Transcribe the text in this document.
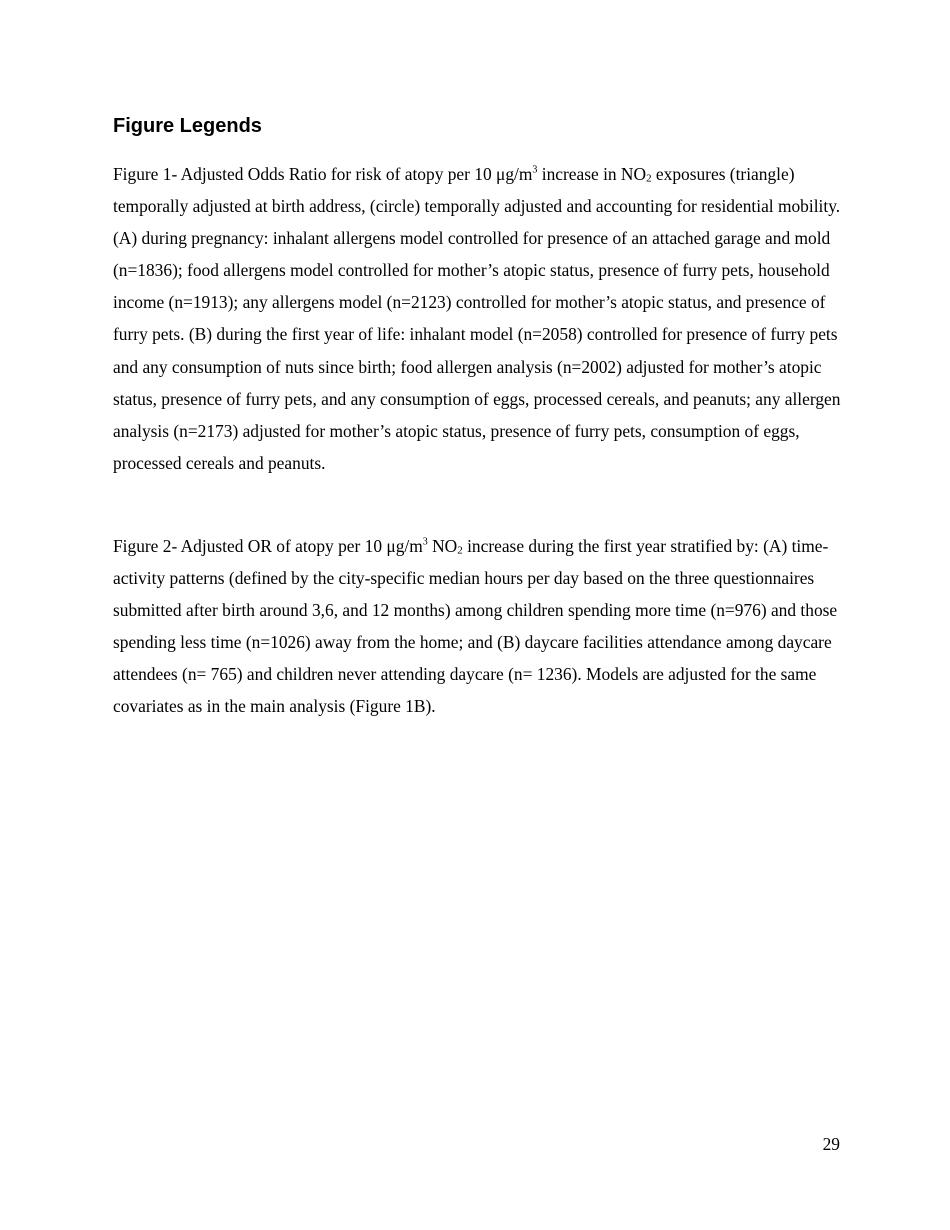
Figure Legends

Figure 1- Adjusted Odds Ratio for risk of atopy per 10 $\mu g/m^3$ increase in $NO_2$ exposures (triangle) temporally adjusted at birth address, (circle) temporally adjusted and accounting for residential mobility. (A) during pregnancy: inhalant allergens model controlled for presence of an attached garage and mold (n=1836); food allergens model controlled for mother’s atopic status, presence of furry pets, household income (n=1913); any allergens model (n=2123) controlled for mother’s atopic status, and presence of furry pets. (B) during the first year of life: inhalant model (n=2058) controlled for presence of furry pets and any consumption of nuts since birth; food allergen analysis (n=2002) adjusted for mother’s atopic status, presence of furry pets, and any consumption of eggs, processed cereals, and peanuts; any allergen analysis (n=2173) adjusted for mother’s atopic status, presence of furry pets, consumption of eggs, processed cereals and peanuts.

Figure 2- Adjusted OR of atopy per 10 $\mu g/m^3$ $NO_2$ increase during the first year stratified by: (A) time-activity patterns (defined by the city-specific median hours per day based on the three questionnaires submitted after birth around 3,6, and 12 months) among children spending more time (n=976) and those spending less time (n=1026) away from the home; and (B) daycare facilities attendance among daycare attendees (n= 765) and children never attending daycare (n= 1236). Models are adjusted for the same covariates as in the main analysis (Figure 1B).

29
